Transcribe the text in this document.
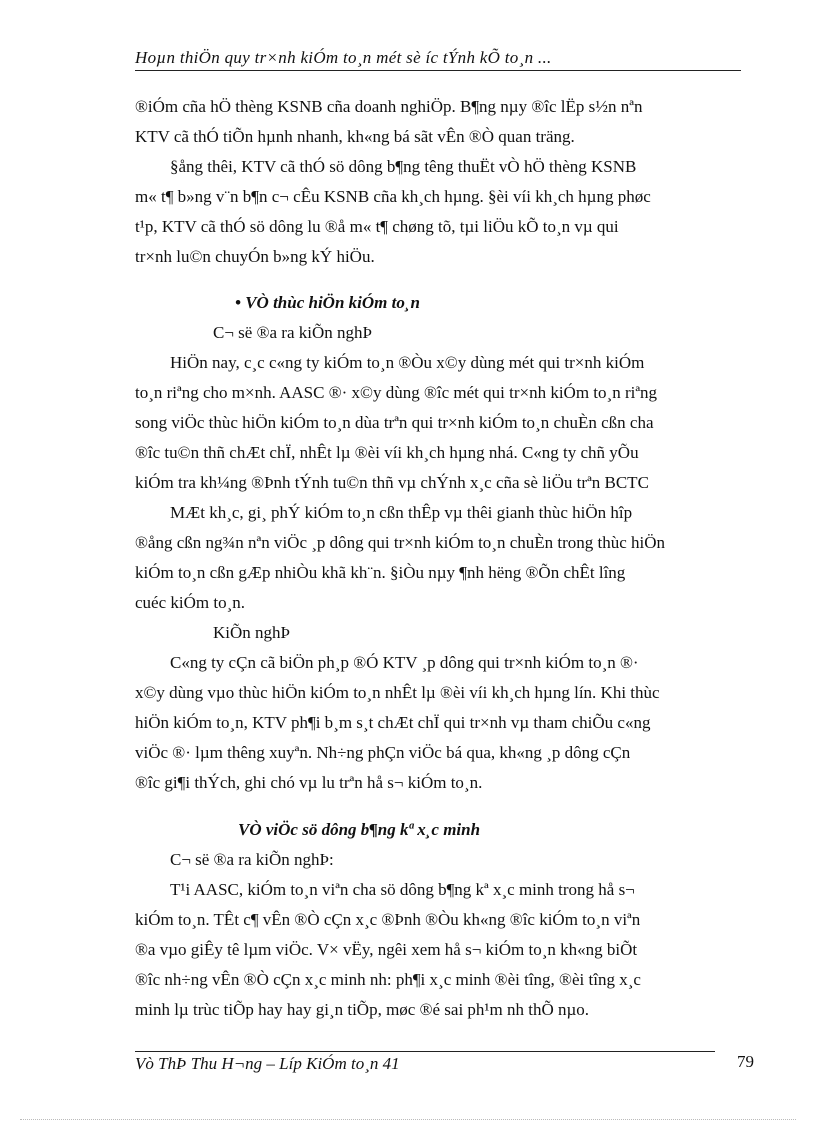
Hoµn thiÖn quy tr×nh kiÓm to¸n mét sè íc tÝnh kÕ to¸n ...
®iÓm cña hÖ thèng KSNB cña doanh nghiÖp. B¶ng nµy ®îc lËp s½n nªn
KTV cã thÓ tiÕn hµnh nhanh, kh«ng bá sãt vÊn ®Ò quan träng.
§ång thêi, KTV cã thÓ sö dông b¶ng têng thuËt vÒ hÖ thèng KSNB
m« t¶ b»ng v¨n b¶n c¬ cÊu KSNB cña kh¸ch hµng. §èi víi kh¸ch hµng phøc
t¹p, KTV cã thÓ sö dông lu ®å m« t¶ chøng tõ, tµi liÖu kÕ to¸n vµ qui
tr×nh lu©n chuyÓn b»ng kÝ hiÖu.
• VÒ thùc hiÖn kiÓm to¸n
C¬ së ®a ra kiÕn nghÞ
HiÖn nay, c¸c c«ng ty kiÓm to¸n ®Òu x©y dùng mét qui tr×nh kiÓm
to¸n riªng cho m×nh. AASC ®· x©y dùng ®îc mét qui tr×nh kiÓm to¸n riªng
song viÖc thùc hiÖn kiÓm to¸n dùa trªn qui tr×nh kiÓm to¸n chuÈn cßn cha
®îc tu©n thñ chÆt chÏ, nhÊt lµ ®èi víi kh¸ch hµng nhá. C«ng ty chñ yÕu
kiÓm tra kh¼ng ®Þnh tÝnh tu©n thñ vµ chÝnh x¸c cña sè liÖu trªn BCTC
MÆt kh¸c, gi¸ phÝ kiÓm to¸n cßn thÊp vµ thêi gianh thùc hiÖn hîp
®ång cßn ng¾n nªn viÖc ¸p dông qui tr×nh kiÓm to¸n chuÈn trong thùc hiÖn
kiÓm to¸n cßn gÆp nhiÒu khã kh¨n. §iÒu nµy ¶nh hëng ®Õn chÊt lîng
cuéc kiÓm to¸n.
KiÕn nghÞ
C«ng ty cÇn cã biÖn ph¸p ®Ó KTV ¸p dông qui tr×nh kiÓm to¸n ®·
x©y dùng vµo thùc hiÖn kiÓm to¸n nhÊt lµ ®èi víi kh¸ch hµng lín. Khi thùc
hiÖn kiÓm to¸n, KTV ph¶i b¸m s¸t chÆt chÏ qui tr×nh vµ tham chiÕu c«ng
viÖc ®· lµm thêng xuyªn. Nh÷ng phÇn viÖc bá qua, kh«ng ¸p dông cÇn
®îc gi¶i thÝch, ghi chó vµ lu trªn hå s¬ kiÓm to¸n.
VÒ viÖc sö dông b¶ng kª x¸c minh
C¬ së ®a ra kiÕn nghÞ:
T¹i AASC, kiÓm to¸n viªn cha sö dông b¶ng kª x¸c minh trong hå s¬
kiÓm to¸n. TÊt c¶ vÊn ®Ò cÇn x¸c ®Þnh ®Òu kh«ng ®îc kiÓm to¸n viªn
®a vµo giÊy tê lµm viÖc. V× vËy, ngêi xem hå s¬ kiÓm to¸n kh«ng biÕt
®îc nh÷ng vÊn ®Ò cÇn x¸c minh nh: ph¶i x¸c minh ®èi tîng, ®èi tîng x¸c
minh lµ trùc tiÕp hay hay gi¸n tiÕp, møc ®é sai ph¹m nh thÕ nµo.
Vò ThÞ Thu H¬ng – Líp KiÓm to¸n 41	79
